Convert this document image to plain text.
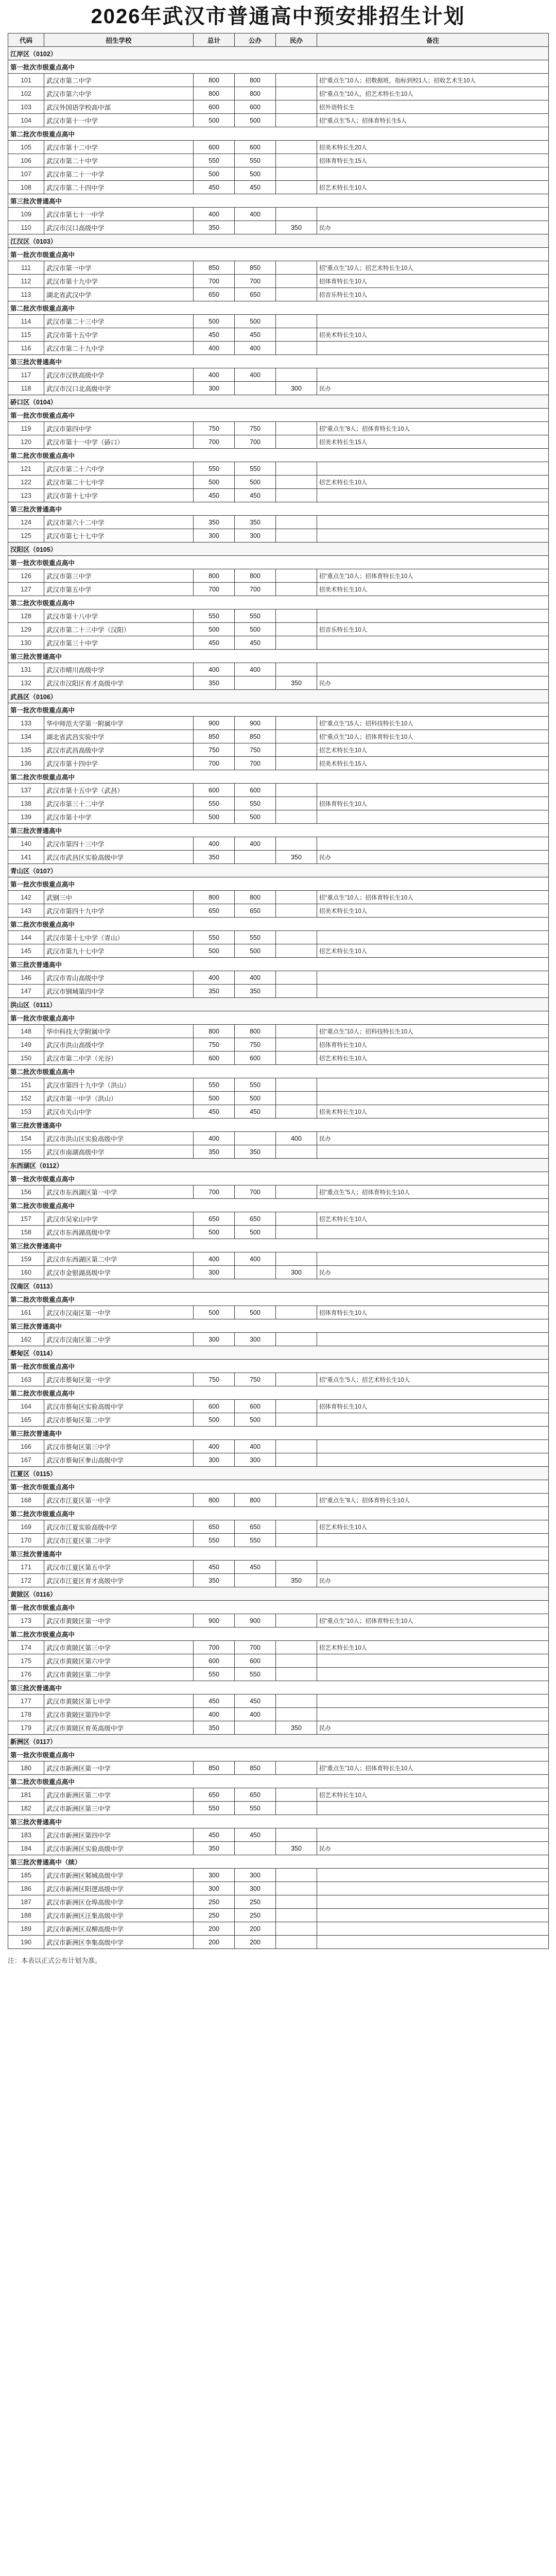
2026年武汉市普通高中预安排招生计划
代码	招生学校	总计	公办	民办	备注
江岸区（0102）					
第一批次市级重点高中					
101	武汉市第二中学	800	800		招“重点生”10人；招数据班，指标到校1人；招收艺术生10人
102	武汉市第六中学	800	800		招“重点生”10人，招艺术特长生10人
103	武汉外国语学校高中部	600	600		招外语特长生
104	武汉市第十一中学	500	500		招“重点生”5人；招体育特长生5人
第二批次市级重点高中					
105	武汉市第十二中学	600	600		招美术特长生20人
106	武汉市第二十中学	550	550		招体育特长生15人
107	武汉市第二十一中学	500	500		
108	武汉市第二十四中学	450	450		招艺术特长生10人
第三批次普通高中					
109	武汉市第七十一中学	400	400		
110	武汉市汉口高级中学	350		350	民办
江汉区（0103）					
第一批次市级重点高中					
111	武汉市第一中学	850	850		招“重点生”10人；招艺术特长生10人
112	武汉市第十九中学	700	700		招体育特长生10人
113	湖北省武汉中学	650	650		招音乐特长生10人
第二批次市级重点高中					
114	武汉市第二十三中学	500	500		
115	武汉市第十五中学	450	450		招美术特长生10人
116	武汉市第二十九中学	400	400		
第三批次普通高中					
117	武汉市汉铁高级中学	400	400		
118	武汉市汉口北高级中学	300		300	民办
硚口区（0104）					
第一批次市级重点高中					
119	武汉市第四中学	750	750		招“重点生”8人；招体育特长生10人
120	武汉市第十一中学（硚口）	700	700		招美术特长生15人
第二批次市级重点高中					
121	武汉市第二十六中学	550	550		
122	武汉市第二十七中学	500	500		招艺术特长生10人
123	武汉市第十七中学	450	450		
第三批次普通高中					
124	武汉市第六十二中学	350	350		
125	武汉市第七十七中学	300	300		
汉阳区（0105）					
第一批次市级重点高中					
126	武汉市第三中学	800	800		招“重点生”10人；招体育特长生10人
127	武汉市第五中学	700	700		招美术特长生10人
第二批次市级重点高中					
128	武汉市第十八中学	550	550		
129	武汉市第二十三中学（汉阳）	500	500		招音乐特长生10人
130	武汉市第三十中学	450	450		
第三批次普通高中					
131	武汉市晴川高级中学	400	400		
132	武汉市汉阳区育才高级中学	350		350	民办
武昌区（0106）					
第一批次市级重点高中					
133	华中师范大学第一附属中学	900	900		招“重点生”15人；招科技特长生10人
134	湖北省武昌实验中学	850	850		招“重点生”10人；招体育特长生10人
135	武汉市武昌高级中学	750	750		招艺术特长生10人
136	武汉市第十四中学	700	700		招美术特长生15人
第二批次市级重点高中					
137	武汉市第十五中学（武昌）	600	600		
138	武汉市第三十二中学	550	550		招体育特长生10人
139	武汉市第十中学	500	500		
第三批次普通高中					
140	武汉市第四十三中学	400	400		
141	武汉市武昌区实验高级中学	350		350	民办
青山区（0107）					
第一批次市级重点高中					
142	武钢三中	800	800		招“重点生”10人；招体育特长生10人
143	武汉市第四十九中学	650	650		招美术特长生10人
第二批次市级重点高中					
144	武汉市第十七中学（青山）	550	550		
145	武汉市第九十七中学	500	500		招艺术特长生10人
第三批次普通高中					
146	武汉市青山高级中学	400	400		
147	武汉市钢城第四中学	350	350		
洪山区（0111）					
第一批次市级重点高中					
148	华中科技大学附属中学	800	800		招“重点生”10人；招科技特长生10人
149	武汉市洪山高级中学	750	750		招体育特长生10人
150	武汉市第二中学（光谷）	600	600		招艺术特长生10人
第二批次市级重点高中					
151	武汉市第四十九中学（洪山）	550	550		
152	武汉市第一中学（洪山）	500	500		
153	武汉市关山中学	450	450		招美术特长生10人
第三批次普通高中					
154	武汉市洪山区实验高级中学	400		400	民办
155	武汉市南湖高级中学	350	350		
东西湖区（0112）					
第一批次市级重点高中					
156	武汉市东西湖区第一中学	700	700		招“重点生”5人；招体育特长生10人
第二批次市级重点高中					
157	武汉市吴家山中学	650	650		招艺术特长生10人
158	武汉市东西湖高级中学	500	500		
第三批次普通高中					
159	武汉市东西湖区第二中学	400	400		
160	武汉市金银湖高级中学	300		300	民办
汉南区（0113）					
第二批次市级重点高中					
161	武汉市汉南区第一中学	500	500		招体育特长生10人
第三批次普通高中					
162	武汉市汉南区第二中学	300	300		
蔡甸区（0114）					
第一批次市级重点高中					
163	武汉市蔡甸区第一中学	750	750		招“重点生”5人；招艺术特长生10人
第二批次市级重点高中					
164	武汉市蔡甸区实验高级中学	600	600		招体育特长生10人
165	武汉市蔡甸区第二中学	500	500		
第三批次普通高中					
166	武汉市蔡甸区第三中学	400	400		
167	武汉市蔡甸区奓山高级中学	300	300		
江夏区（0115）					
第一批次市级重点高中					
168	武汉市江夏区第一中学	800	800		招“重点生”8人；招体育特长生10人
第二批次市级重点高中					
169	武汉市江夏实验高级中学	650	650		招艺术特长生10人
170	武汉市江夏区第二中学	550	550		
第三批次普通高中					
171	武汉市江夏区第五中学	450	450		
172	武汉市江夏区育才高级中学	350		350	民办
黄陂区（0116）					
第一批次市级重点高中					
173	武汉市黄陂区第一中学	900	900		招“重点生”10人；招体育特长生10人
第二批次市级重点高中					
174	武汉市黄陂区第三中学	700	700		招艺术特长生10人
175	武汉市黄陂区第六中学	600	600		
176	武汉市黄陂区第二中学	550	550		
第三批次普通高中					
177	武汉市黄陂区第七中学	450	450		
178	武汉市黄陂区第四中学	400	400		
179	武汉市黄陂区育英高级中学	350		350	民办
新洲区（0117）					
第一批次市级重点高中					
180	武汉市新洲区第一中学	850	850		招“重点生”10人；招体育特长生10人
第二批次市级重点高中					
181	武汉市新洲区第二中学	650	650		招艺术特长生10人
182	武汉市新洲区第三中学	550	550		
第三批次普通高中					
183	武汉市新洲区第四中学	450	450		
184	武汉市新洲区实验高级中学	350		350	民办
第三批次普通高中（续）					
185	武汉市新洲区邾城高级中学	300	300		
186	武汉市新洲区阳逻高级中学	300	300		
187	武汉市新洲区仓埠高级中学	250	250		
188	武汉市新洲区汪集高级中学	250	250		
189	武汉市新洲区双柳高级中学	200	200		
190	武汉市新洲区李集高级中学	200	200		
注：本表以正式公布计划为准。
